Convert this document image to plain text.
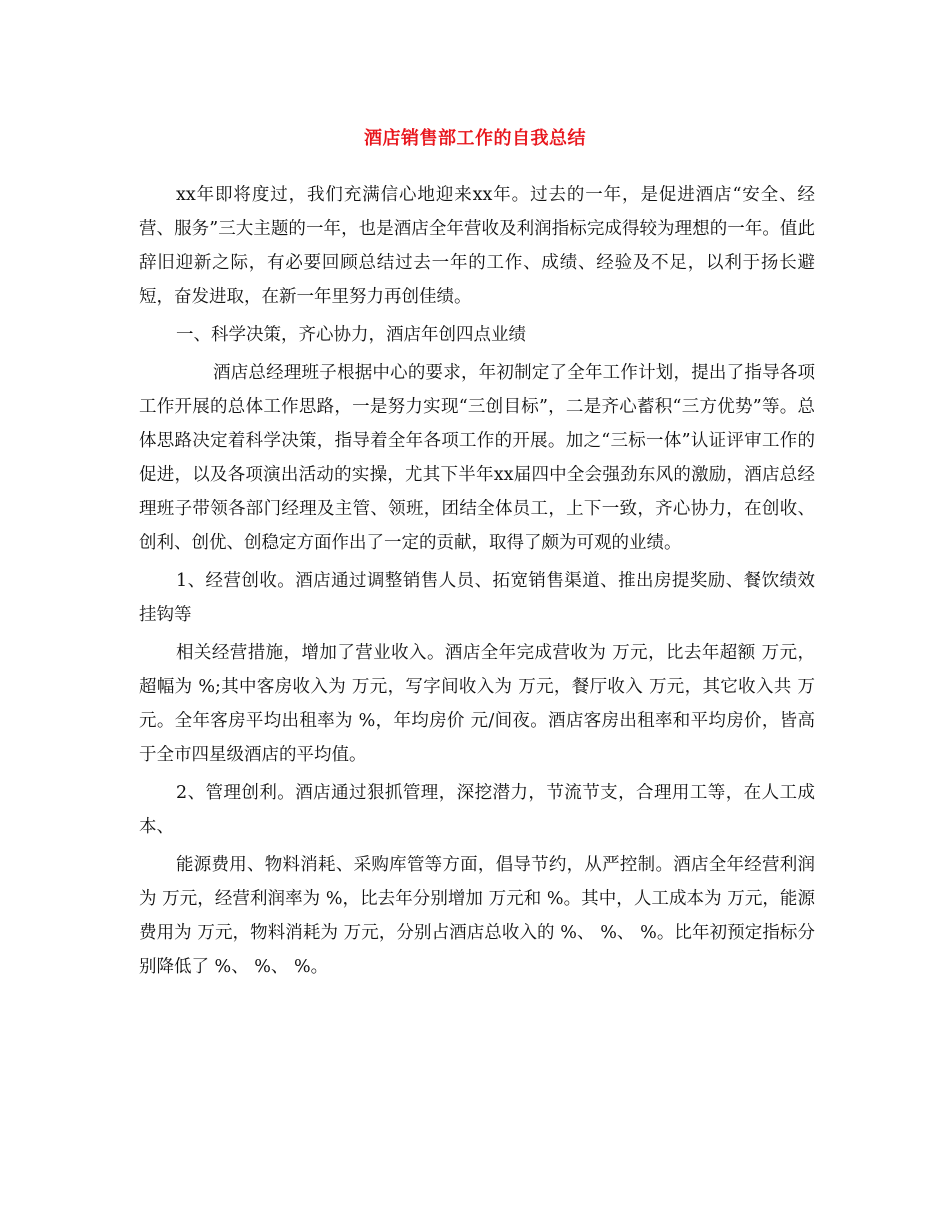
酒店销售部工作的自我总结

xx年即将度过，我们充满信心地迎来xx年。过去的一年，是促进酒店“安全、经营、服务”三大主题的一年，也是酒店全年营收及利润指标完成得较为理想的一年。值此辞旧迎新之际，有必要回顾总结过去一年的工作、成绩、经验及不足，以利于扬长避短，奋发进取，在新一年里努力再创佳绩。

一、科学决策，齐心协力，酒店年创四点业绩

酒店总经理班子根据中心的要求，年初制定了全年工作计划，提出了指导各项工作开展的总体工作思路，一是努力实现“三创目标”，二是齐心蓄积“三方优势”等。总体思路决定着科学决策，指导着全年各项工作的开展。加之“三标一体”认证评审工作的促进，以及各项演出活动的实操，尤其下半年xx届四中全会强劲东风的激励，酒店总经理班子带领各部门经理及主管、领班，团结全体员工，上下一致，齐心协力，在创收、创利、创优、创稳定方面作出了一定的贡献，取得了颇为可观的业绩。

1、经营创收。酒店通过调整销售人员、拓宽销售渠道、推出房提奖励、餐饮绩效挂钩等

相关经营措施，增加了营业收入。酒店全年完成营收为 万元，比去年超额 万元，超幅为 %;其中客房收入为 万元，写字间收入为 万元，餐厅收入 万元，其它收入共 万元。全年客房平均出租率为 %，年均房价 元/间夜。酒店客房出租率和平均房价，皆高于全市四星级酒店的平均值。

2、管理创利。酒店通过狠抓管理，深挖潜力，节流节支，合理用工等，在人工成本、

能源费用、物料消耗、采购库管等方面，倡导节约，从严控制。酒店全年经营利润为 万元，经营利润率为 %，比去年分别增加 万元和 %。其中，人工成本为 万元，能源费用为 万元，物料消耗为 万元，分别占酒店总收入的 %、 %、 %。比年初预定指标分别降低了 %、 %、 %。
